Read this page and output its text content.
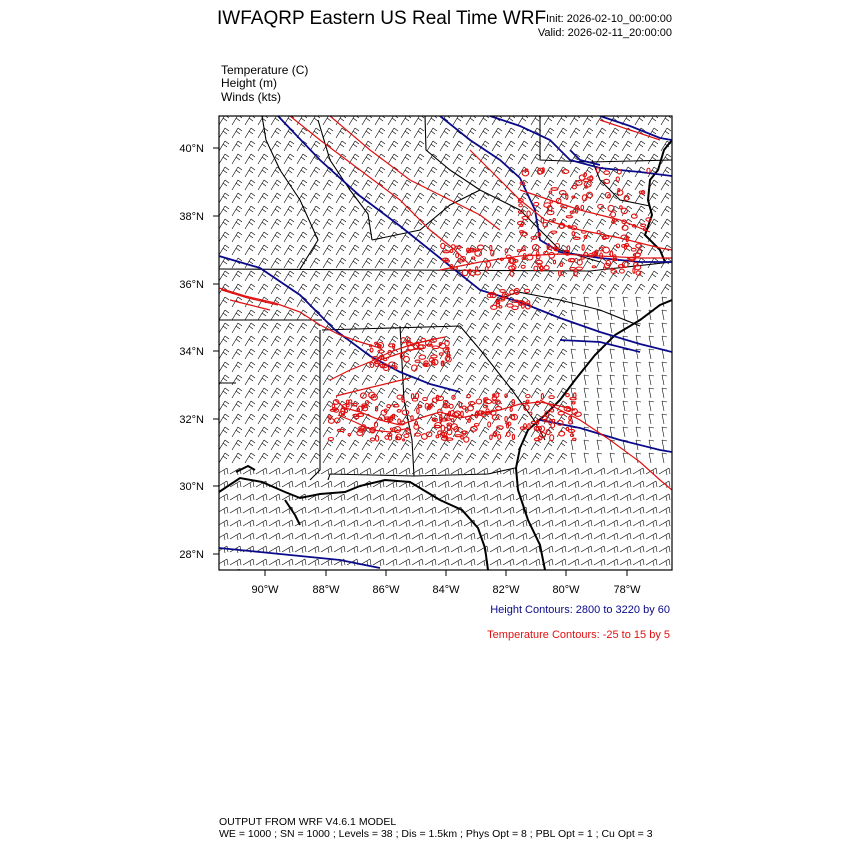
IWFAQRP Eastern US Real Time WRF Init: 2026-02-10_00:00:00
Valid: 2026-02-11_20:00:00
Temperature (C)
Height (m)
Winds (kts)
40°N
38°N
36°N
34°N
32°N
30°N
28°N
90°W	88°W	86°W	84°W	82°W	80°W	78°W
Height Contours: 2800 to 3220 by 60
Temperature Contours: -25 to 15 by 5
OUTPUT FROM WRF V4.6.1 MODEL
WE = 1000 ; SN = 1000 ; Levels = 38 ; Dis = 1.5km ; Phys Opt = 8 ; PBL Opt = 1 ; Cu Opt = 3
